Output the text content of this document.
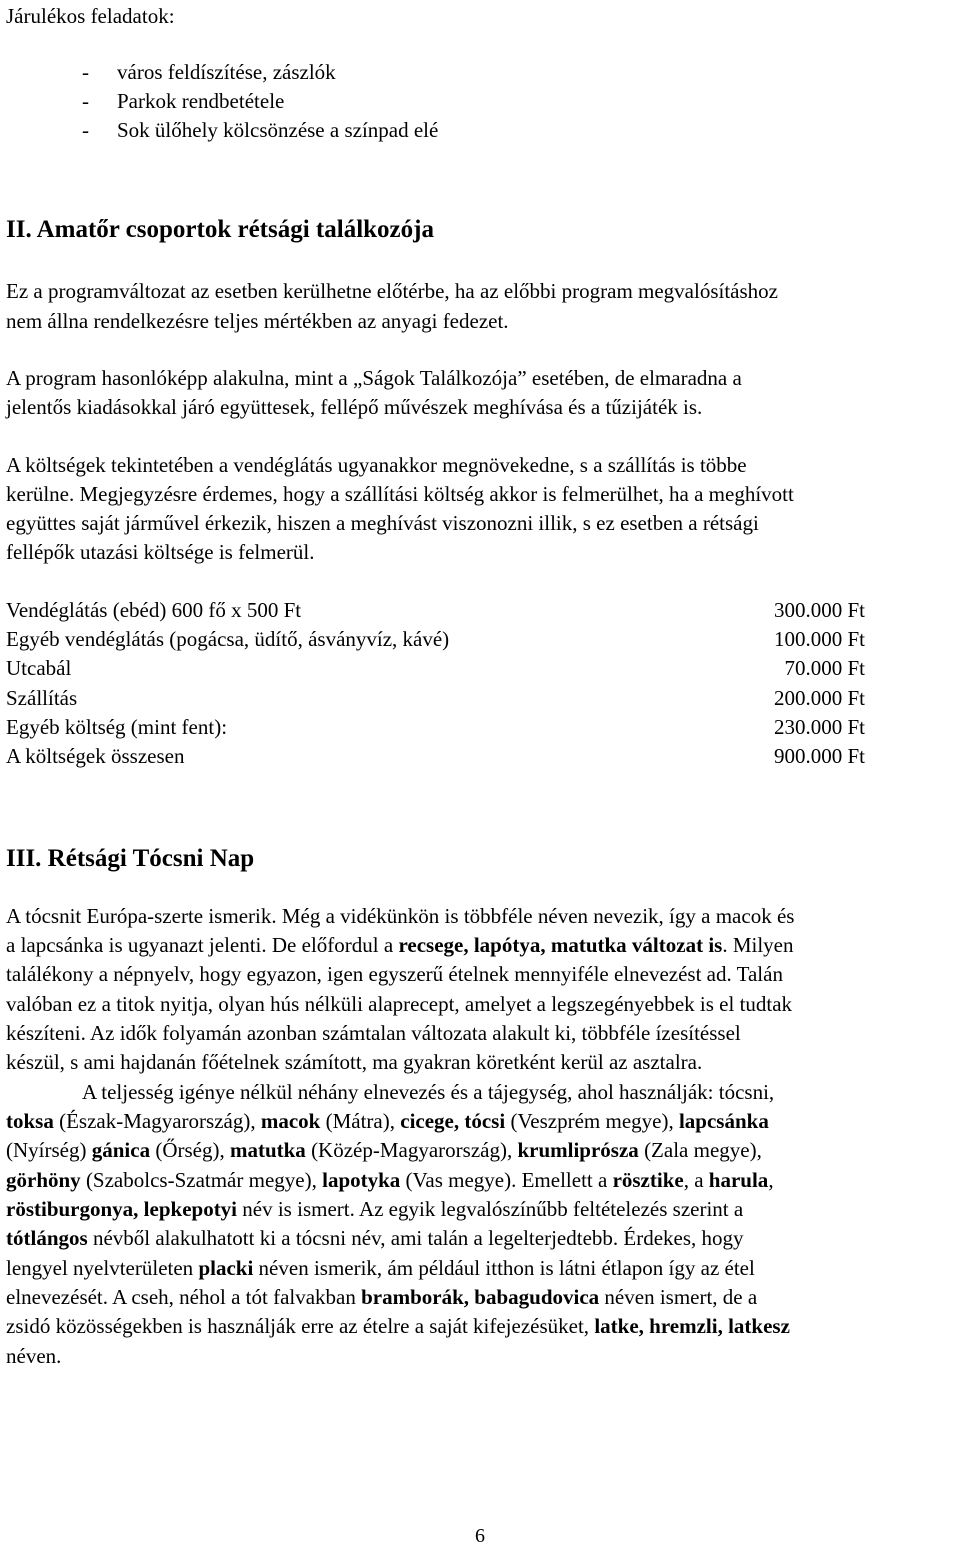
Járulékos feladatok:
- város feldíszítése, zászlók
- Parkok rendbetétele
- Sok ülőhely kölcsönzése a színpad elé
II. Amatőr csoportok rétsági találkozója
Ez a programváltozat az esetben kerülhetne előtérbe, ha az előbbi program megvalósításhoz
nem állna rendelkezésre teljes mértékben az anyagi fedezet.
A program hasonlóképp alakulna, mint a „Ságok Találkozója” esetében, de elmaradna a
jelentős kiadásokkal járó együttesek, fellépő művészek meghívása és a tűzijáték is.
A költségek tekintetében a vendéglátás ugyanakkor megnövekedne, s a szállítás is többe
kerülne. Megjegyzésre érdemes, hogy a szállítási költség akkor is felmerülhet, ha a meghívott
együttes saját járművel érkezik, hiszen a meghívást viszonozni illik, s ez esetben a rétsági
fellépők utazási költsége is felmerül.
Vendéglátás (ebéd) 600 fő x 500 Ft	300.000 Ft
Egyéb vendéglátás (pogácsa, üdítő, ásványvíz, kávé)	100.000 Ft
Utcabál	70.000 Ft
Szállítás	200.000 Ft
Egyéb költség (mint fent):	230.000 Ft
A költségek összesen	900.000 Ft
III. Rétsági Tócsni Nap
A tócsnit Európa-szerte ismerik. Még a vidékünkön is többféle néven nevezik, így a macok és
a lapcsánka is ugyanazt jelenti. De előfordul a recsege, lapótya, matutka változat is. Milyen
találékony a népnyelv, hogy egyazon, igen egyszerű ételnek mennyiféle elnevezést ad. Talán
valóban ez a titok nyitja, olyan hús nélküli alaprecept, amelyet a legszegényebbek is el tudtak
készíteni. Az idők folyamán azonban számtalan változata alakult ki, többféle ízesítéssel
készül, s ami hajdanán főételnek számított, ma gyakran köretként kerül az asztalra.
A teljesség igénye nélkül néhány elnevezés és a tájegység, ahol használják: tócsni,
toksa (Észak-Magyarország), macok (Mátra), cicege, tócsi (Veszprém megye), lapcsánka
(Nyírség) gánica (Őrség), matutka (Közép-Magyarország), krumliprósza (Zala megye),
görhöny (Szabolcs-Szatmár megye), lapotyka (Vas megye). Emellett a rösztike, a harula,
röstiburgonya, lepkepotyi név is ismert. Az egyik legvalószínűbb feltételezés szerint a
tótlángos névből alakulhatott ki a tócsni név, ami talán a legelterjedtebb. Érdekes, hogy
lengyel nyelvterületen placki néven ismerik, ám például itthon is látni étlapon így az étel
elnevezését. A cseh, néhol a tót falvakban bramborák, babagudovica néven ismert, de a
zsidó közösségekben is használják erre az ételre a saját kifejezésüket, latke, hremzli, latkesz
néven.
6
